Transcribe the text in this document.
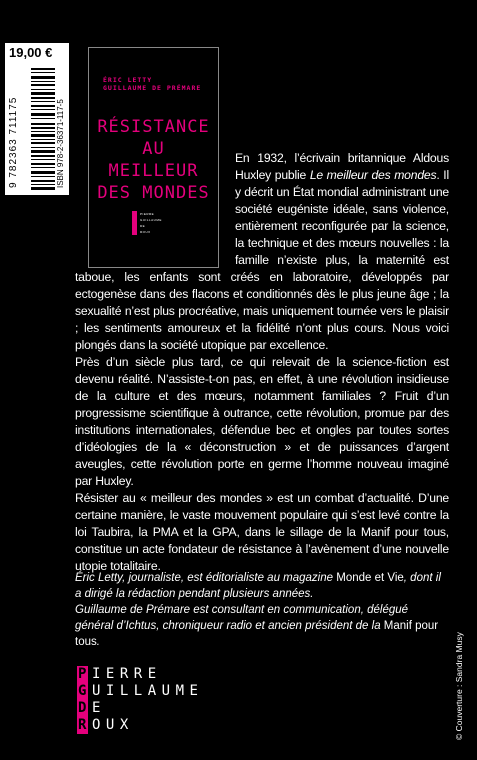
19,00 €
9 782363 711175	ISBN 978-2-36371-117-5
ÉRIC LETTY
GUILLAUME DE PRÉMARE
RÉSISTANCE
AU MEILLEUR
DES MONDES
PIERRE
GUILLAUME
DE
ROUX

En 1932, l’écrivain britannique Aldous Huxley publie Le meilleur des mondes. Il y décrit un État mondial administrant une société eugéniste idéale, sans violence, entièrement reconfigurée par la science, la technique et des mœurs nouvelles : la famille n’existe plus, la maternité est taboue, les enfants sont créés en laboratoire, développés par ectogenèse dans des flacons et conditionnés dès le plus jeune âge ; la sexualité n’est plus procréative, mais uniquement tournée vers le plaisir ; les sentiments amoureux et la fidélité n’ont plus cours. Nous voici plongés dans la société utopique par excellence.

Près d’un siècle plus tard, ce qui relevait de la science-fiction est devenu réalité. N’assiste-t-on pas, en effet, à une révolution insidieuse de la culture et des mœurs, notamment familiales ? Fruit d’un progressisme scientifique à outrance, cette révolution, promue par des institutions internationales, défendue bec et ongles par toutes sortes d’idéologies de la « déconstruction » et de puissances d’argent aveugles, cette révolution porte en germe l’homme nouveau imaginé par Huxley.

Résister au « meilleur des mondes » est un combat d’actualité. D’une certaine manière, le vaste mouvement populaire qui s’est levé contre la loi Taubira, la PMA et la GPA, dans le sillage de la Manif pour tous, constitue un acte fondateur de résistance à l’avènement d’une nouvelle utopie totalitaire.

Éric Letty, journaliste, est éditorialiste au magazine Monde et Vie, dont il a dirigé la rédaction pendant plusieurs années.

Guillaume de Prémare est consultant en communication, délégué général d’Ichtus, chroniqueur radio et ancien président de la Manif pour tous.	© Couverture : Sandra Musy
P IERRE
G UILLAUME
D E
R OUX
